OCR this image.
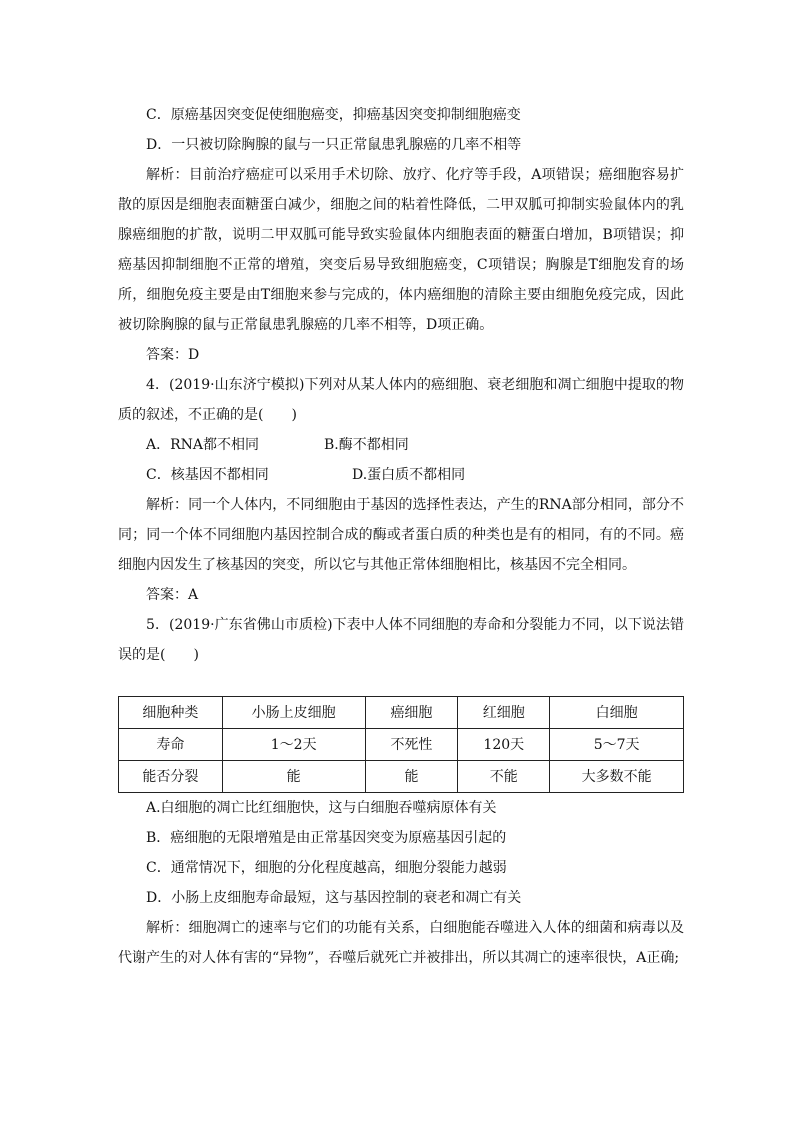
C．原癌基因突变促使细胞癌变，抑癌基因突变抑制细胞癌变

D．一只被切除胸腺的鼠与一只正常鼠患乳腺癌的几率不相等

解析：目前治疗癌症可以采用手术切除、放疗、化疗等手段，A项错误；癌细胞容易扩散的原因是细胞表面糖蛋白减少，细胞之间的粘着性降低，二甲双胍可抑制实验鼠体内的乳腺癌细胞的扩散，说明二甲双胍可能导致实验鼠体内细胞表面的糖蛋白增加，B项错误；抑癌基因抑制细胞不正常的增殖，突变后易导致细胞癌变，C项错误；胸腺是T细胞发育的场所，细胞免疫主要是由T细胞来参与完成的，体内癌细胞的清除主要由细胞免疫完成，因此被切除胸腺的鼠与正常鼠患乳腺癌的几率不相等，D项正确。

答案：D

4．(2019·山东济宁模拟)下列对从某人体内的癌细胞、衰老细胞和凋亡细胞中提取的物质的叙述，不正确的是(　　)

A．RNA都不相同	B.酶不都相同
C．核基因不都相同	D.蛋白质不都相同

解析：同一个人体内，不同细胞由于基因的选择性表达，产生的RNA部分相同，部分不同；同一个体不同细胞内基因控制合成的酶或者蛋白质的种类也是有的相同，有的不同。癌细胞内因发生了核基因的突变，所以它与其他正常体细胞相比，核基因不完全相同。

答案：A

5．(2019·广东省佛山市质检)下表中人体不同细胞的寿命和分裂能力不同，以下说法错误的是(　　)

细胞种类	小肠上皮细胞	癌细胞	红细胞	白细胞
寿命	1～2天	不死性	120天	5～7天
能否分裂	能	能	不能	大多数不能

A.白细胞的凋亡比红细胞快，这与白细胞吞噬病原体有关

B．癌细胞的无限增殖是由正常基因突变为原癌基因引起的

C．通常情况下，细胞的分化程度越高，细胞分裂能力越弱

D．小肠上皮细胞寿命最短，这与基因控制的衰老和凋亡有关

解析：细胞凋亡的速率与它们的功能有关系，白细胞能吞噬进入人体的细菌和病毒以及代谢产生的对人体有害的“异物”，吞噬后就死亡并被排出，所以其凋亡的速率很快，A正确;
